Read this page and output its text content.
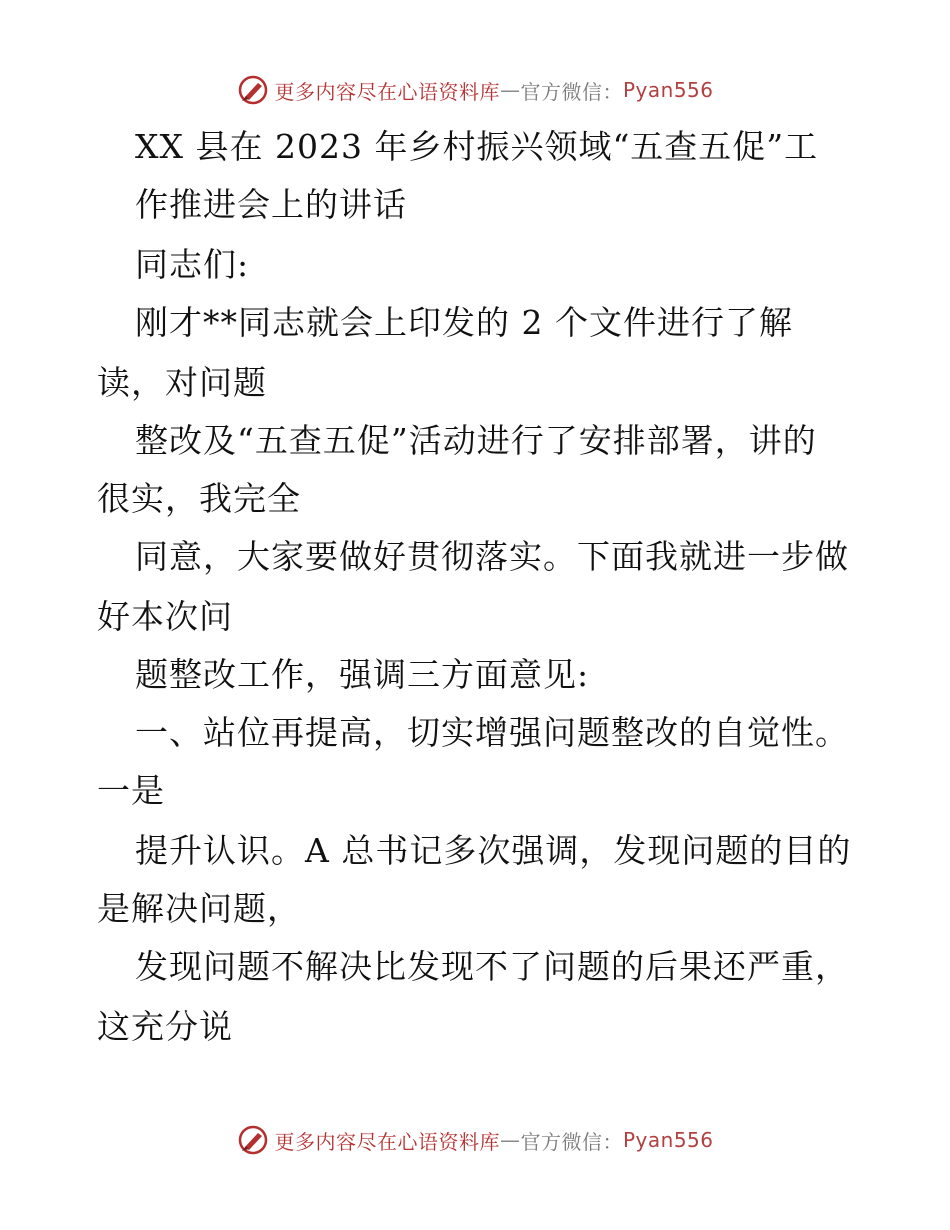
更多内容尽在心语资料库 — 官方微信： Pyan556
XX 县在 2023 年乡村振兴领域“五查五促”工
作推进会上的讲话
同志们:
刚才**同志就会上印发的 2 个文件进行了解
读，对问题
整改及“五查五促”活动进行了安排部署，讲的
很实，我完全
同意，大家要做好贯彻落实。下面我就进一步做
好本次问
题整改工作，强调三方面意见:
一、站位再提高，切实增强问题整改的自觉性。
一是
提升认识。A 总书记多次强调，发现问题的目的
是解决问题，
发现问题不解决比发现不了问题的后果还严重，
这充分说
更多内容尽在心语资料库 — 官方微信： Pyan556
